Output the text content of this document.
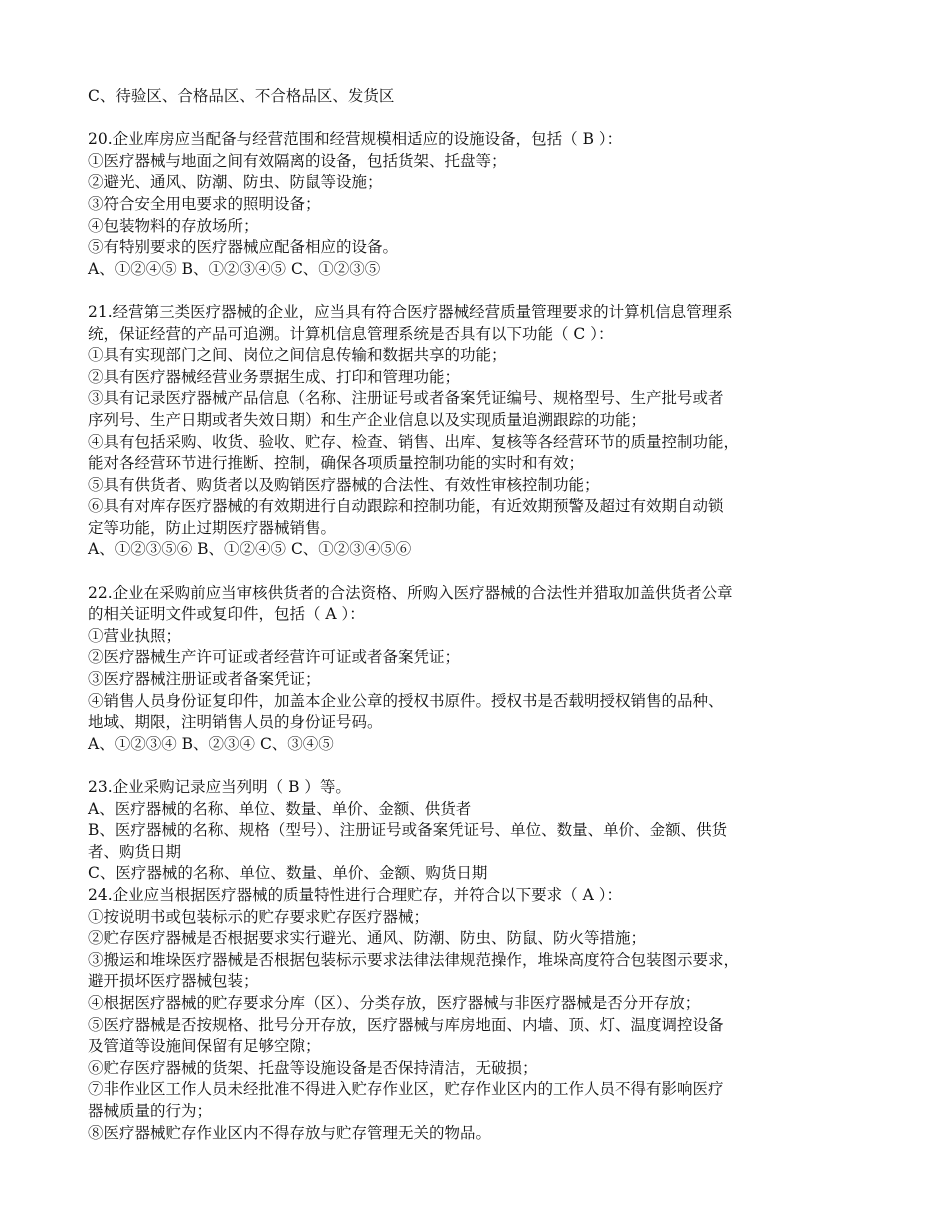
C、待验区、合格品区、不合格品区、发货区
20.企业库房应当配备与经营范围和经营规模相适应的设施设备，包括（ B ）：
①医疗器械与地面之间有效隔离的设备，包括货架、托盘等；
②避光、通风、防潮、防虫、防鼠等设施；
③符合安全用电要求的照明设备；
④包装物料的存放场所；
⑤有特别要求的医疗器械应配备相应的设备。
A、①②④⑤ B、①②③④⑤ C、①②③⑤
21.经营第三类医疗器械的企业，应当具有符合医疗器械经营质量管理要求的计算机信息管理系
统，保证经营的产品可追溯。计算机信息管理系统是否具有以下功能（ C ）：
①具有实现部门之间、岗位之间信息传输和数据共享的功能；
②具有医疗器械经营业务票据生成、打印和管理功能；
③具有记录医疗器械产品信息（名称、注册证号或者备案凭证编号、规格型号、生产批号或者
序列号、生产日期或者失效日期）和生产企业信息以及实现质量追溯跟踪的功能；
④具有包括采购、收货、验收、贮存、检查、销售、出库、复核等各经营环节的质量控制功能，
能对各经营环节进行推断、控制，确保各项质量控制功能的实时和有效；
⑤具有供货者、购货者以及购销医疗器械的合法性、有效性审核控制功能；
⑥具有对库存医疗器械的有效期进行自动跟踪和控制功能，有近效期预警及超过有效期自动锁
定等功能，防止过期医疗器械销售。
A、①②③⑤⑥ B、①②④⑤ C、①②③④⑤⑥
22.企业在采购前应当审核供货者的合法资格、所购入医疗器械的合法性并猎取加盖供货者公章
的相关证明文件或复印件，包括（ A ）：
①营业执照；
②医疗器械生产许可证或者经营许可证或者备案凭证；
③医疗器械注册证或者备案凭证；
④销售人员身份证复印件，加盖本企业公章的授权书原件。授权书是否载明授权销售的品种、
地域、期限，注明销售人员的身份证号码。
A、①②③④ B、②③④ C、③④⑤
23.企业采购记录应当列明（ B ）等。
A、医疗器械的名称、单位、数量、单价、金额、供货者
B、医疗器械的名称、规格（型号）、注册证号或备案凭证号、单位、数量、单价、金额、供货
者、购货日期
C、医疗器械的名称、单位、数量、单价、金额、购货日期
24.企业应当根据医疗器械的质量特性进行合理贮存，并符合以下要求（ A ）：
①按说明书或包装标示的贮存要求贮存医疗器械；
②贮存医疗器械是否根据要求实行避光、通风、防潮、防虫、防鼠、防火等措施；
③搬运和堆垛医疗器械是否根据包装标示要求法律法律规范操作，堆垛高度符合包装图示要求，
避开损坏医疗器械包装；
④根据医疗器械的贮存要求分库（区）、分类存放，医疗器械与非医疗器械是否分开存放；
⑤医疗器械是否按规格、批号分开存放，医疗器械与库房地面、内墙、顶、灯、温度调控设备
及管道等设施间保留有足够空隙；
⑥贮存医疗器械的货架、托盘等设施设备是否保持清洁，无破损；
⑦非作业区工作人员未经批准不得进入贮存作业区，贮存作业区内的工作人员不得有影响医疗
器械质量的行为；
⑧医疗器械贮存作业区内不得存放与贮存管理无关的物品。
